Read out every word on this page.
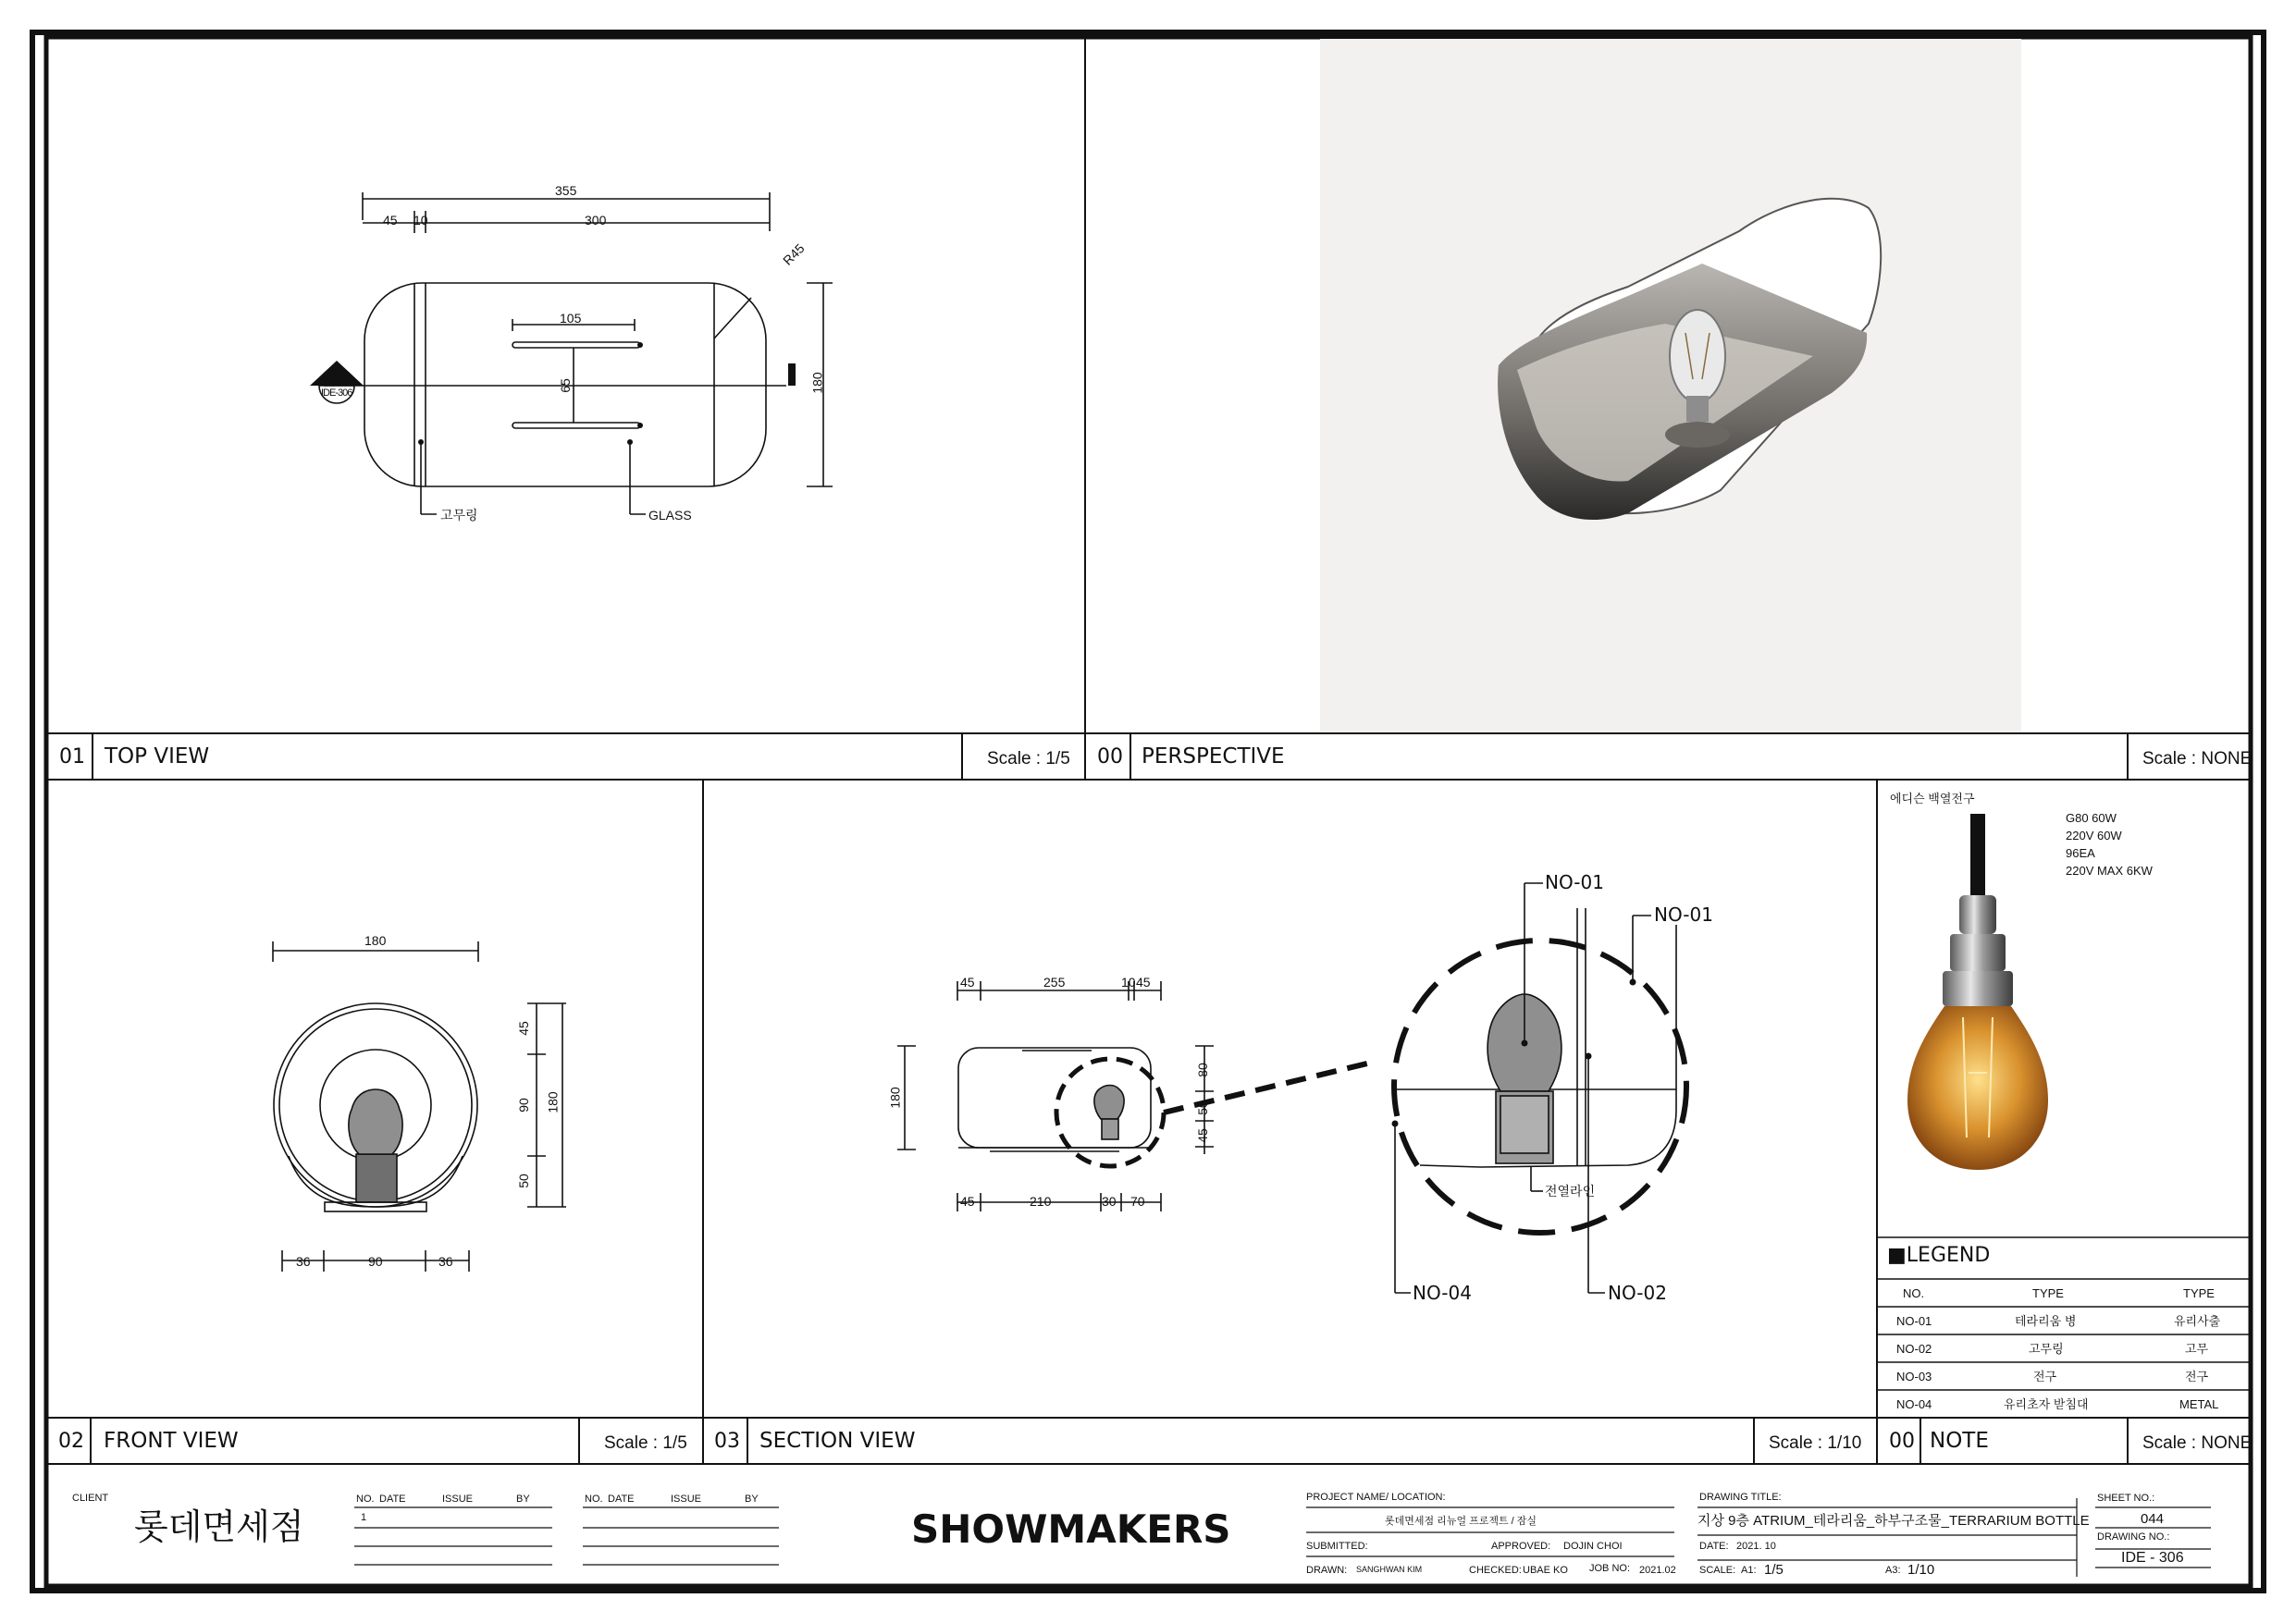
01 TOP VIEW	Scale : 1/5 00 PERSPECTIVE	Scale : NONE
02 FRONT VIEW	Scale : 1/5 03 SECTION VIEW	Scale : 1/10 00 NOTE	Scale : NONE
355
45 10	300
R45
105
65	180
고무링	GLASS
03
IDE-306
180
45
90
50
180
36	90	36
45	255	10 45
180
80
50
45
45	210	30 70
NO-01
NO-01
NO-02
NO-04
전열라인
에디슨 백열전구
G80 60W
220V 60W
96EA
220V MAX 6KW
■LEGEND
NO.	TYPE	TYPE
NO-01	테라리움 병	유리사출
NO-02	고무링	고무
NO-03	전구	전구
NO-04	유리초자 받침대	METAL
CLIENT
롯데면세점
NO. DATE	ISSUE	BY
1
NO. DATE	ISSUE	BY
SHOWMAKERS
PROJECT NAME/ LOCATION:
롯데면세점 리뉴얼 프로젝트 / 잠실
SUBMITTED:	APPROVED: DOJIN CHOI
DRAWN: SANGHWAN KIM	CHECKED: UBAE KO JOB NO: 2021.02
DRAWING TITLE:
지상 9층 ATRIUM_테라리움_하부구조물_TERRARIUM BOTTLE
DATE: 2021. 10
SCALE: A1: 1/5	A3: 1/10
SHEET NO.:
044
DRAWING NO.:
IDE - 306
